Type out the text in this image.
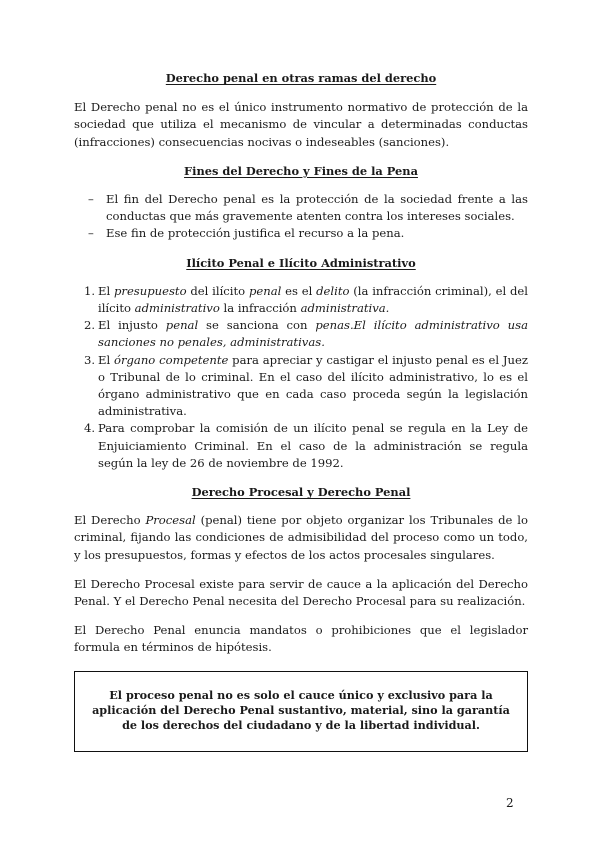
Derecho penal en otras ramas del derecho

El Derecho penal no es el único instrumento normativo de protección de la sociedad que utiliza el mecanismo de vincular a determinadas conductas (infracciones) consecuencias nocivas o indeseables (sanciones).

Fines del Derecho y Fines de la Pena
– El fin del Derecho penal es la protección de la sociedad frente a las conductas que más gravemente atenten contra los intereses sociales.
– Ese fin de protección justifica el recurso a la pena.
Ilícito Penal e Ilícito Administrativo
1. El presupuesto del ilícito penal es el delito (la infracción criminal), el del ilícito administrativo la infracción administrativa.
2. El injusto penal se sanciona con penas.El ilícito administrativo usa sanciones no penales, administrativas.
3. El órgano competente para apreciar y castigar el injusto penal es el Juez o Tribunal de lo criminal. En el caso del ilícito administrativo, lo es el órgano administrativo que en cada caso proceda según la legislación administrativa.
4. Para comprobar la comisión de un ilícito penal se regula en la Ley de Enjuiciamiento Criminal. En el caso de la administración se regula según la ley de 26 de noviembre de 1992.
Derecho Procesal y Derecho Penal

El Derecho Procesal (penal) tiene por objeto organizar los Tribunales de lo criminal, fijando las condiciones de admisibilidad del proceso como un todo, y los presupuestos, formas y efectos de los actos procesales singulares.

El Derecho Procesal existe para servir de cauce a la aplicación del Derecho Penal. Y el Derecho Penal necesita del Derecho Procesal para su realización.

El Derecho Penal enuncia mandatos o prohibiciones que el legislador formula en términos de hipótesis.

El proceso penal no es solo el cauce único y exclusivo para la aplicación del Derecho Penal sustantivo, material, sino la garantía de los derechos del ciudadano y de la libertad individual.
2
